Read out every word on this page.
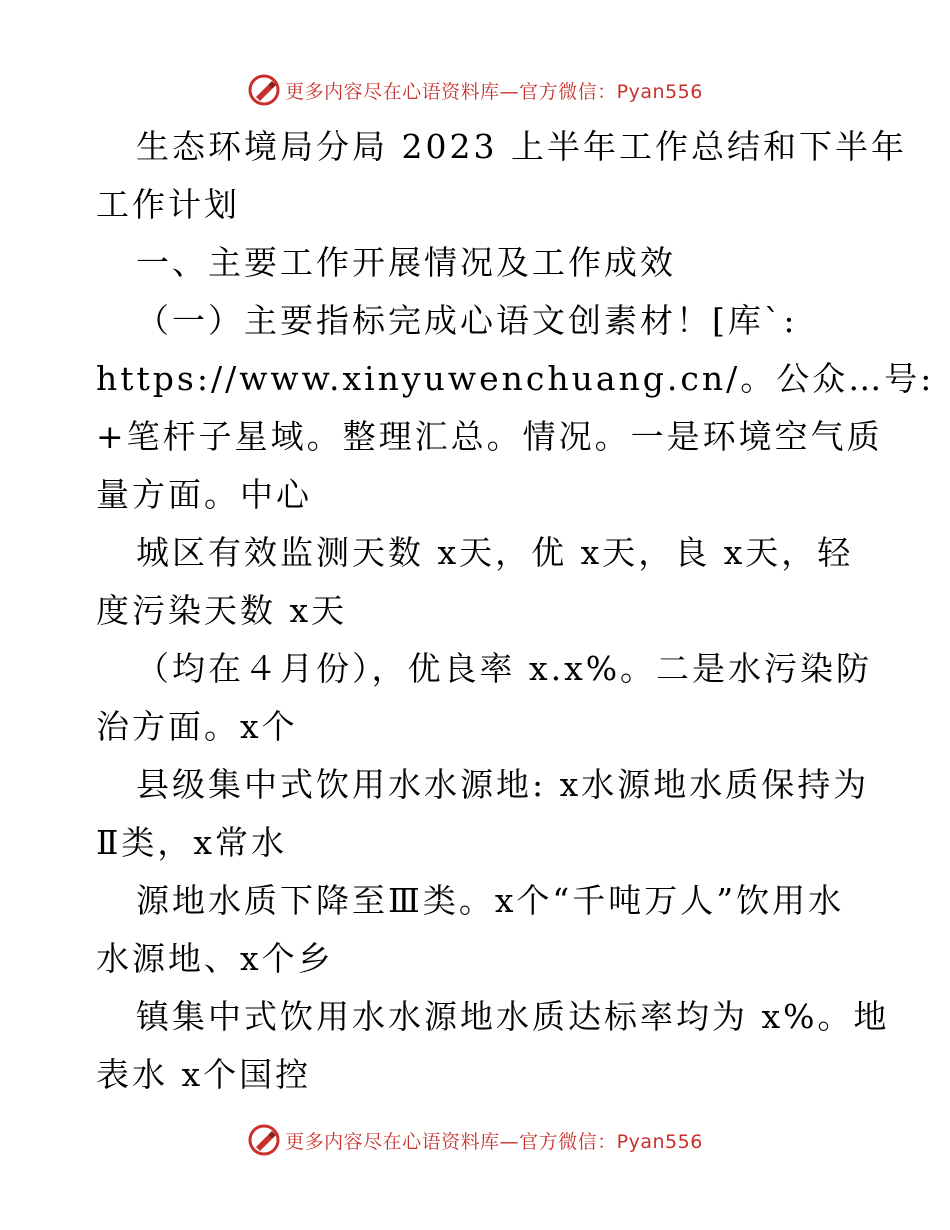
更多内容尽在心语资料库—官方微信：Pyan556

生态环境局分局 2023 上半年工作总结和下半年

工作计划

一、主要工作开展情况及工作成效

（一）主要指标完成心语文创素材！[库`:

https://www.xinyuwenchuang.cn/。公众…号:

+笔杆子星域。整理汇总。情况。一是环境空气质

量方面。中心

城区有效监测天数 x天，优 x天，良 x天，轻

度污染天数 x天

（均在４月份），优良率 x.x%。二是水污染防

治方面。x个

县级集中式饮用水水源地: x水源地水质保持为

Ⅱ类，x常水

源地水质下降至Ⅲ类。x个“千吨万人”饮用水

水源地、x个乡

镇集中式饮用水水源地水质达标率均为 x%。地

表水 x个国控

更多内容尽在心语资料库—官方微信：Pyan556
